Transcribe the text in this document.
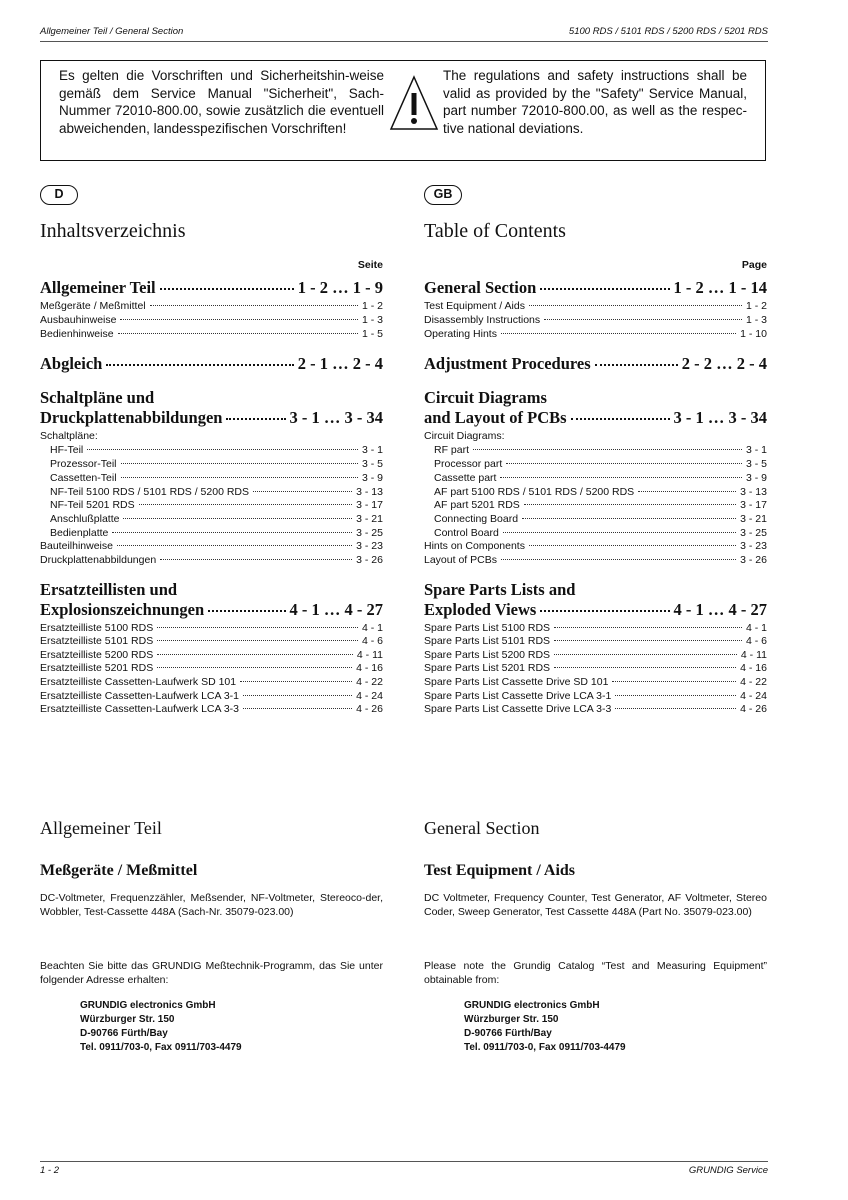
Allgemeiner Teil / General Section	5100 RDS / 5101 RDS / 5200 RDS / 5201 RDS
Es gelten die Vorschriften und Sicherheitshin-weise gemäß dem Service Manual "Sicherheit", Sach-Nummer 72010-800.00, sowie zusätzlich die eventuell abweichenden, landesspezifischen Vorschriften!
The regulations and safety instructions shall be valid as provided by the "Safety" Service Manual, part number 72010-800.00, as well as the respec-tive national deviations.
D
Inhaltsverzeichnis
Seite
Allgemeiner Teil	1 - 2 … 1 - 9
Meßgeräte / Meßmittel	1 - 2
Ausbauhinweise	1 - 3
Bedienhinweise	1 - 5
Abgleich	2 - 1 … 2 - 4
Schaltpläne und
Druckplattenabbildungen	3 - 1 … 3 - 34
Schaltpläne:
HF-Teil	3 - 1
Prozessor-Teil	3 - 5
Cassetten-Teil	3 - 9
NF-Teil 5100 RDS / 5101 RDS / 5200 RDS	3 - 13
NF-Teil 5201 RDS	3 - 17
Anschlußplatte	3 - 21
Bedienplatte	3 - 25
Bauteilhinweise	3 - 23
Druckplattenabbildungen	3 - 26
Ersatzteillisten und
Explosionszeichnungen	4 - 1 … 4 - 27
Ersatzteilliste 5100 RDS	4 - 1
Ersatzteilliste 5101 RDS	4 - 6
Ersatzteilliste 5200 RDS	4 - 11
Ersatzteilliste 5201 RDS	4 - 16
Ersatzteilliste Cassetten-Laufwerk SD 101	4 - 22
Ersatzteilliste Cassetten-Laufwerk LCA 3-1	4 - 24
Ersatzteilliste Cassetten-Laufwerk LCA 3-3	4 - 26
Allgemeiner Teil
Meßgeräte / Meßmittel
DC-Voltmeter, Frequenzzähler, Meßsender, NF-Voltmeter, Stereoco-der, Wobbler, Test-Cassette 448A (Sach-Nr. 35079-023.00)
Beachten Sie bitte das GRUNDIG Meßtechnik-Programm, das Sie unter folgender Adresse erhalten:
GRUNDIG electronics GmbH
Würzburger Str. 150
D-90766 Fürth/Bay
Tel. 0911/703-0, Fax 0911/703-4479
GB
Table of Contents
Page
General Section	1 - 2 … 1 - 14
Test Equipment / Aids	1 - 2
Disassembly Instructions	1 - 3
Operating Hints	1 - 10
Adjustment Procedures	2 - 2 … 2 - 4
Circuit Diagrams
and Layout of PCBs	3 - 1 … 3 - 34
Circuit Diagrams:
RF part	3 - 1
Processor part	3 - 5
Cassette part	3 - 9
AF part 5100 RDS / 5101 RDS / 5200 RDS	3 - 13
AF part 5201 RDS	3 - 17
Connecting Board	3 - 21
Control Board	3 - 25
Hints on Components	3 - 23
Layout of PCBs	3 - 26
Spare Parts Lists and
Exploded Views	4 - 1 … 4 - 27
Spare Parts List 5100 RDS	4 - 1
Spare Parts List 5101 RDS	4 - 6
Spare Parts List 5200 RDS	4 - 11
Spare Parts List 5201 RDS	4 - 16
Spare Parts List Cassette Drive SD 101	4 - 22
Spare Parts List Cassette Drive LCA 3-1	4 - 24
Spare Parts List Cassette Drive LCA 3-3	4 - 26
General Section
Test Equipment / Aids
DC Voltmeter, Frequency Counter, Test Generator, AF Voltmeter, Stereo Coder, Sweep Generator, Test Cassette 448A (Part No. 35079-023.00)
Please note the Grundig Catalog “Test and Measuring Equipment” obtainable from:
GRUNDIG electronics GmbH
Würzburger Str. 150
D-90766 Fürth/Bay
Tel. 0911/703-0, Fax 0911/703-4479
1 - 2	GRUNDIG Service
